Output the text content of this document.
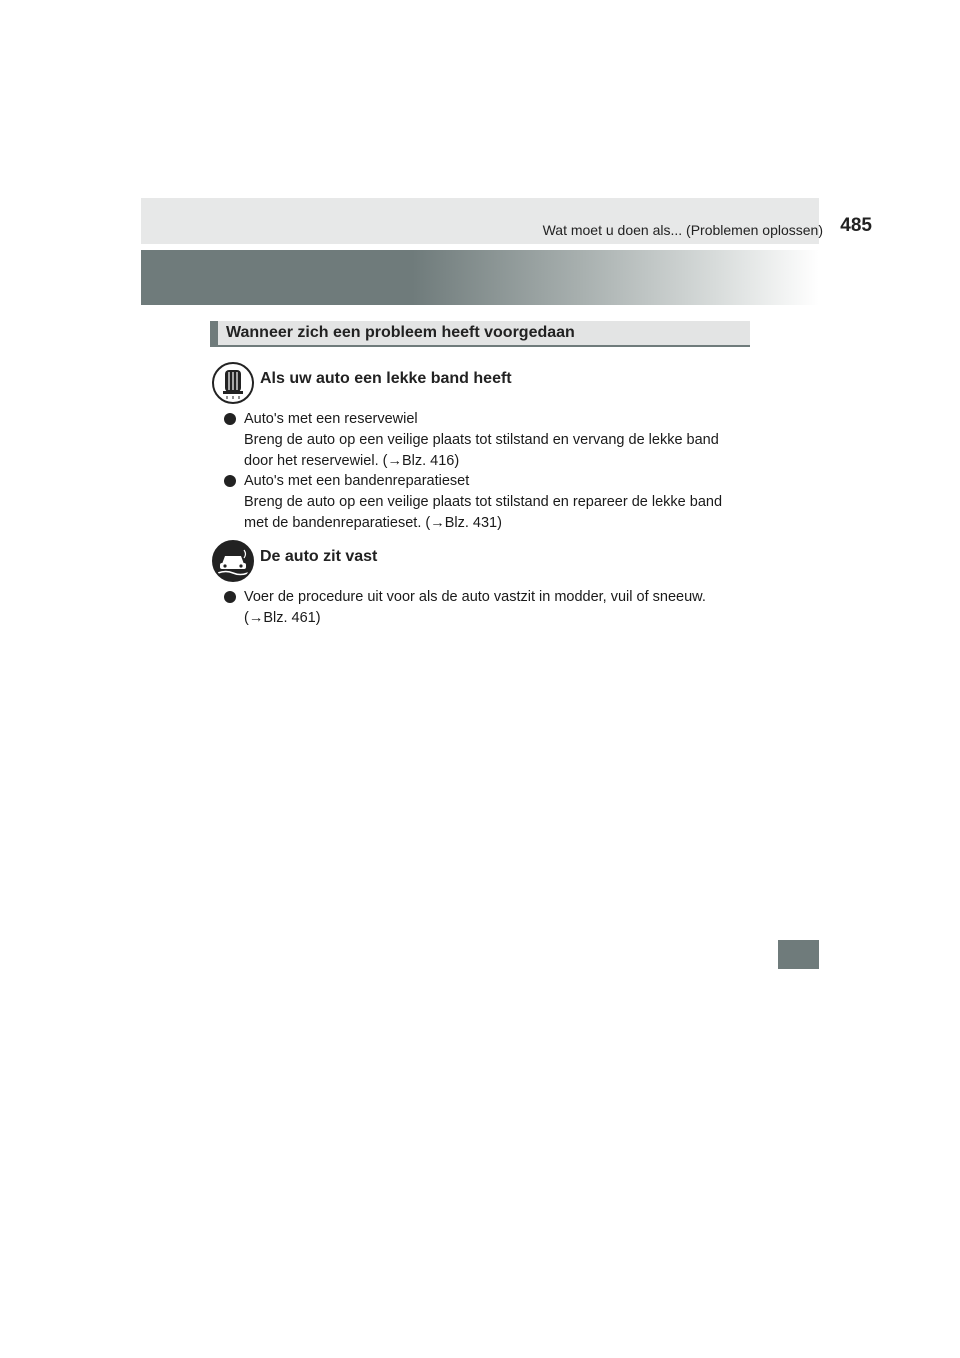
Wat moet u doen als... (Problemen oplossen) 485
Wanneer zich een probleem heeft voorgedaan
Als uw auto een lekke band heeft
Auto's met een reservewiel
Breng de auto op een veilige plaats tot stilstand en vervang de lekke band
door het reservewiel. (→Blz. 416)
Auto's met een bandenreparatieset
Breng de auto op een veilige plaats tot stilstand en repareer de lekke band
met de bandenreparatieset. (→Blz. 431)
De auto zit vast
Voer de procedure uit voor als de auto vastzit in modder, vuil of sneeuw.
(→Blz. 461)
